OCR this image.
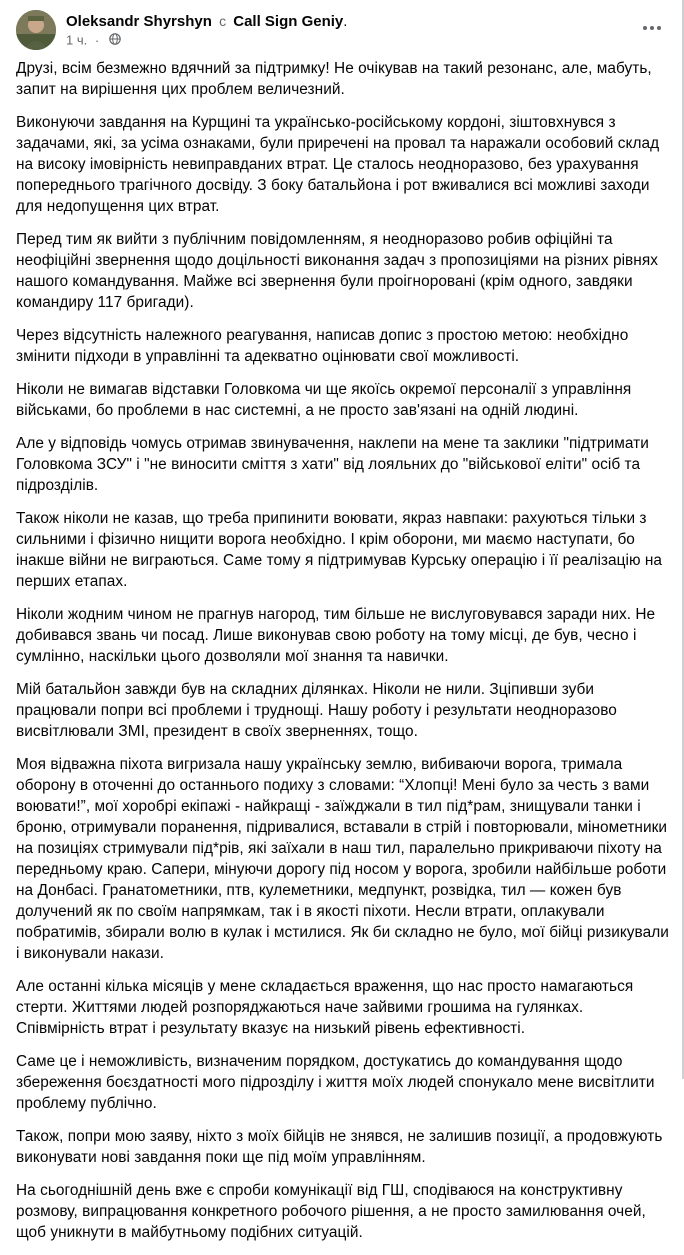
Oleksandr Shyrshyn с Call Sign Geniy.
1 ч. ·

Друзі, всім безмежно вдячний за підтримку! Не очікував на такий резонанс, але, мабуть, запит на вирішення цих проблем величезний.

Виконуючи завдання на Курщині та українсько-російському кордоні, зіштовхнувся з задачами, які, за усіма ознаками, були приречені на провал та наражали особовий склад на високу імовірність невиправданих втрат. Це сталось неодноразово, без урахування попереднього трагічного досвіду. З боку батальйона і рот вживалися всі можливі заходи для недопущення цих втрат.

Перед тим як вийти з публічним повідомленням, я неодноразово робив офіційні та неофіційні звернення щодо доцільності виконання задач з пропозиціями на різних рівнях нашого командування. Майже всі звернення були проігноровані (крім одного, завдяки командиру 117 бригади).

Через відсутність належного реагування, написав допис з простою метою: необхідно змінити підходи в управлінні та адекватно оцінювати свої можливості.

Ніколи не вимагав відставки Головкома чи ще якоїсь окремої персоналії з управління військами, бо проблеми в нас системні, а не просто зав'язані на одній людині.

Але у відповідь чомусь отримав звинувачення, наклепи на мене та заклики "підтримати Головкома ЗСУ" і "не виносити сміття з хати" від лояльних до "військової еліти" осіб та підрозділів.

Також ніколи не казав, що треба припинити воювати, якраз навпаки: рахуються тільки з сильними і фізично нищити ворога необхідно. І крім оборони, ми маємо наступати, бо інакше війни не виграються. Саме тому я підтримував Курську операцію і її реалізацію на перших етапах.

Ніколи жодним чином не прагнув нагород, тим більше не вислуговувався заради них. Не добивався звань чи посад. Лише виконував свою роботу на тому місці, де був, чесно і сумлінно, наскільки цього дозволяли мої знання та навички.

Мій батальйон завжди був на складних ділянках. Ніколи не нили. Зціпивши зуби працювали попри всі проблеми і труднощі. Нашу роботу і результати неодноразово висвітлювали ЗМІ, президент в своїх зверненнях, тощо.

Моя відважна піхота вигризала нашу українську землю, вибиваючи ворога, тримала оборону в оточенні до останнього подиху з словами: “Хлопці! Мені було за честь з вами воювати!”, мої хоробрі екіпажі - найкращі - заїжджали в тил під*рам, знищували танки і броню, отримували поранення, підривалися, вставали в стрій і повторювали, мінометники на позиціях стримували під*рів, які заїхали в наш тил, паралельно прикриваючи піхоту на передньому краю. Сапери, мінуючи дорогу під носом у ворога, зробили найбільше роботи на Донбасі. Гранатометники, птв, кулеметники, медпункт, розвідка, тил — кожен був долучений як по своїм напрямкам, так і в якості піхоти. Несли втрати, оплакували побратимів, збирали волю в кулак і мстилися. Як би складно не було, мої бійці ризикували і виконували накази.

Але останні кілька місяців у мене складається враження, що нас просто намагаються стерти. Життями людей розпоряджаються наче зайвими грошима на гулянках. Співмірність втрат і результату вказує на низький рівень ефективності.

Саме це і неможливість, визначеним порядком, достукатись до командування щодо збереження боєздатності мого підрозділу і життя моїх людей спонукало мене висвітлити проблему публічно.

Також, попри мою заяву, ніхто з моїх бійців не знявся, не залишив позиції, а продовжують виконувати нові завдання поки ще під моїм управлінням.

На сьогоднішній день вже є спроби комунікації від ГШ, сподіваюся на конструктивну розмову, випрацювання конкретного робочого рішення, а не просто замилювання очей, щоб уникнути в майбутньому подібних ситуацій.
